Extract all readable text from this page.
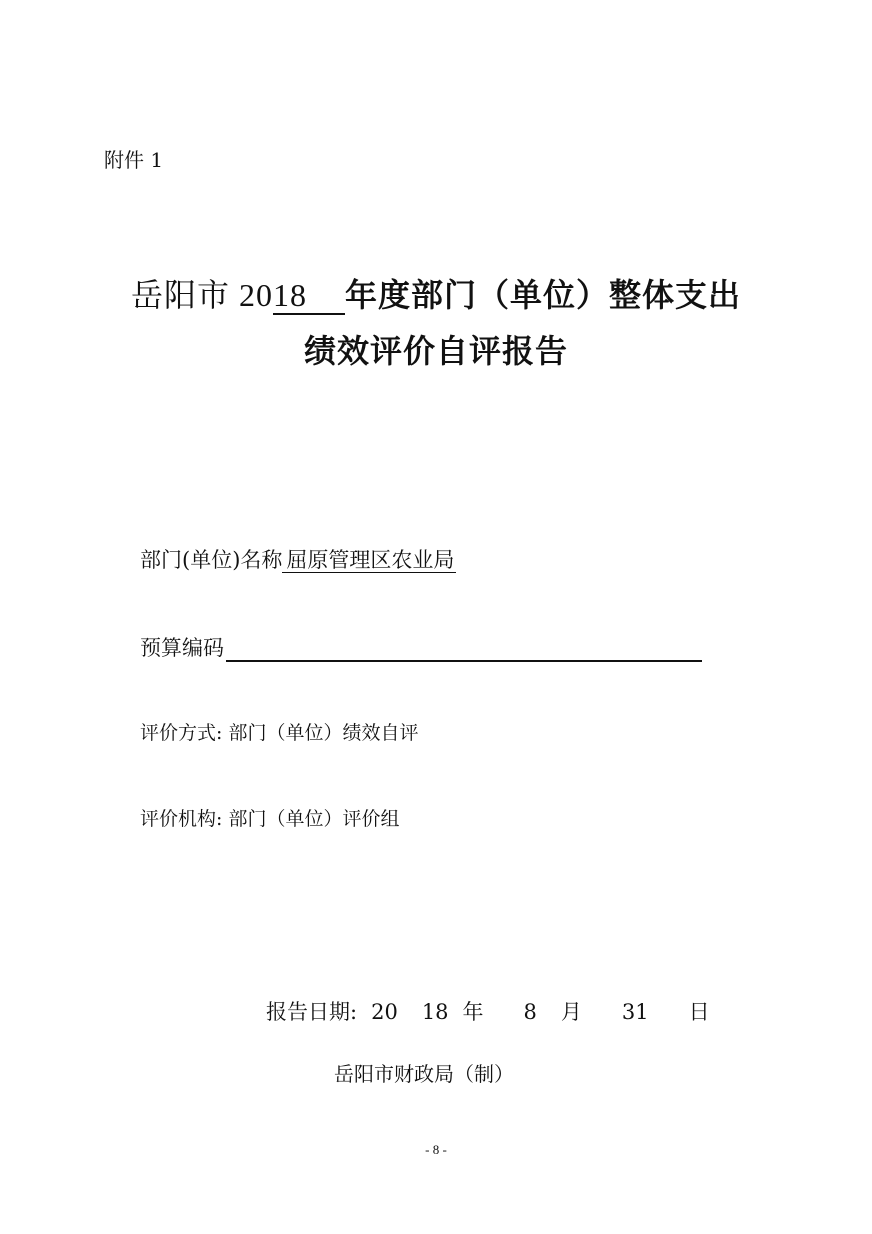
附件 1
岳阳市 2018 年度部门（单位）整体支出
绩效评价自评报告
部门(单位)名称 屈原管理区农业局
预算编码
评价方式: 部门（单位）绩效自评
评价机构: 部门（单位）评价组
报告日期: 20 18 年 8 月 31 日
岳阳市财政局（制）
- 8 -
